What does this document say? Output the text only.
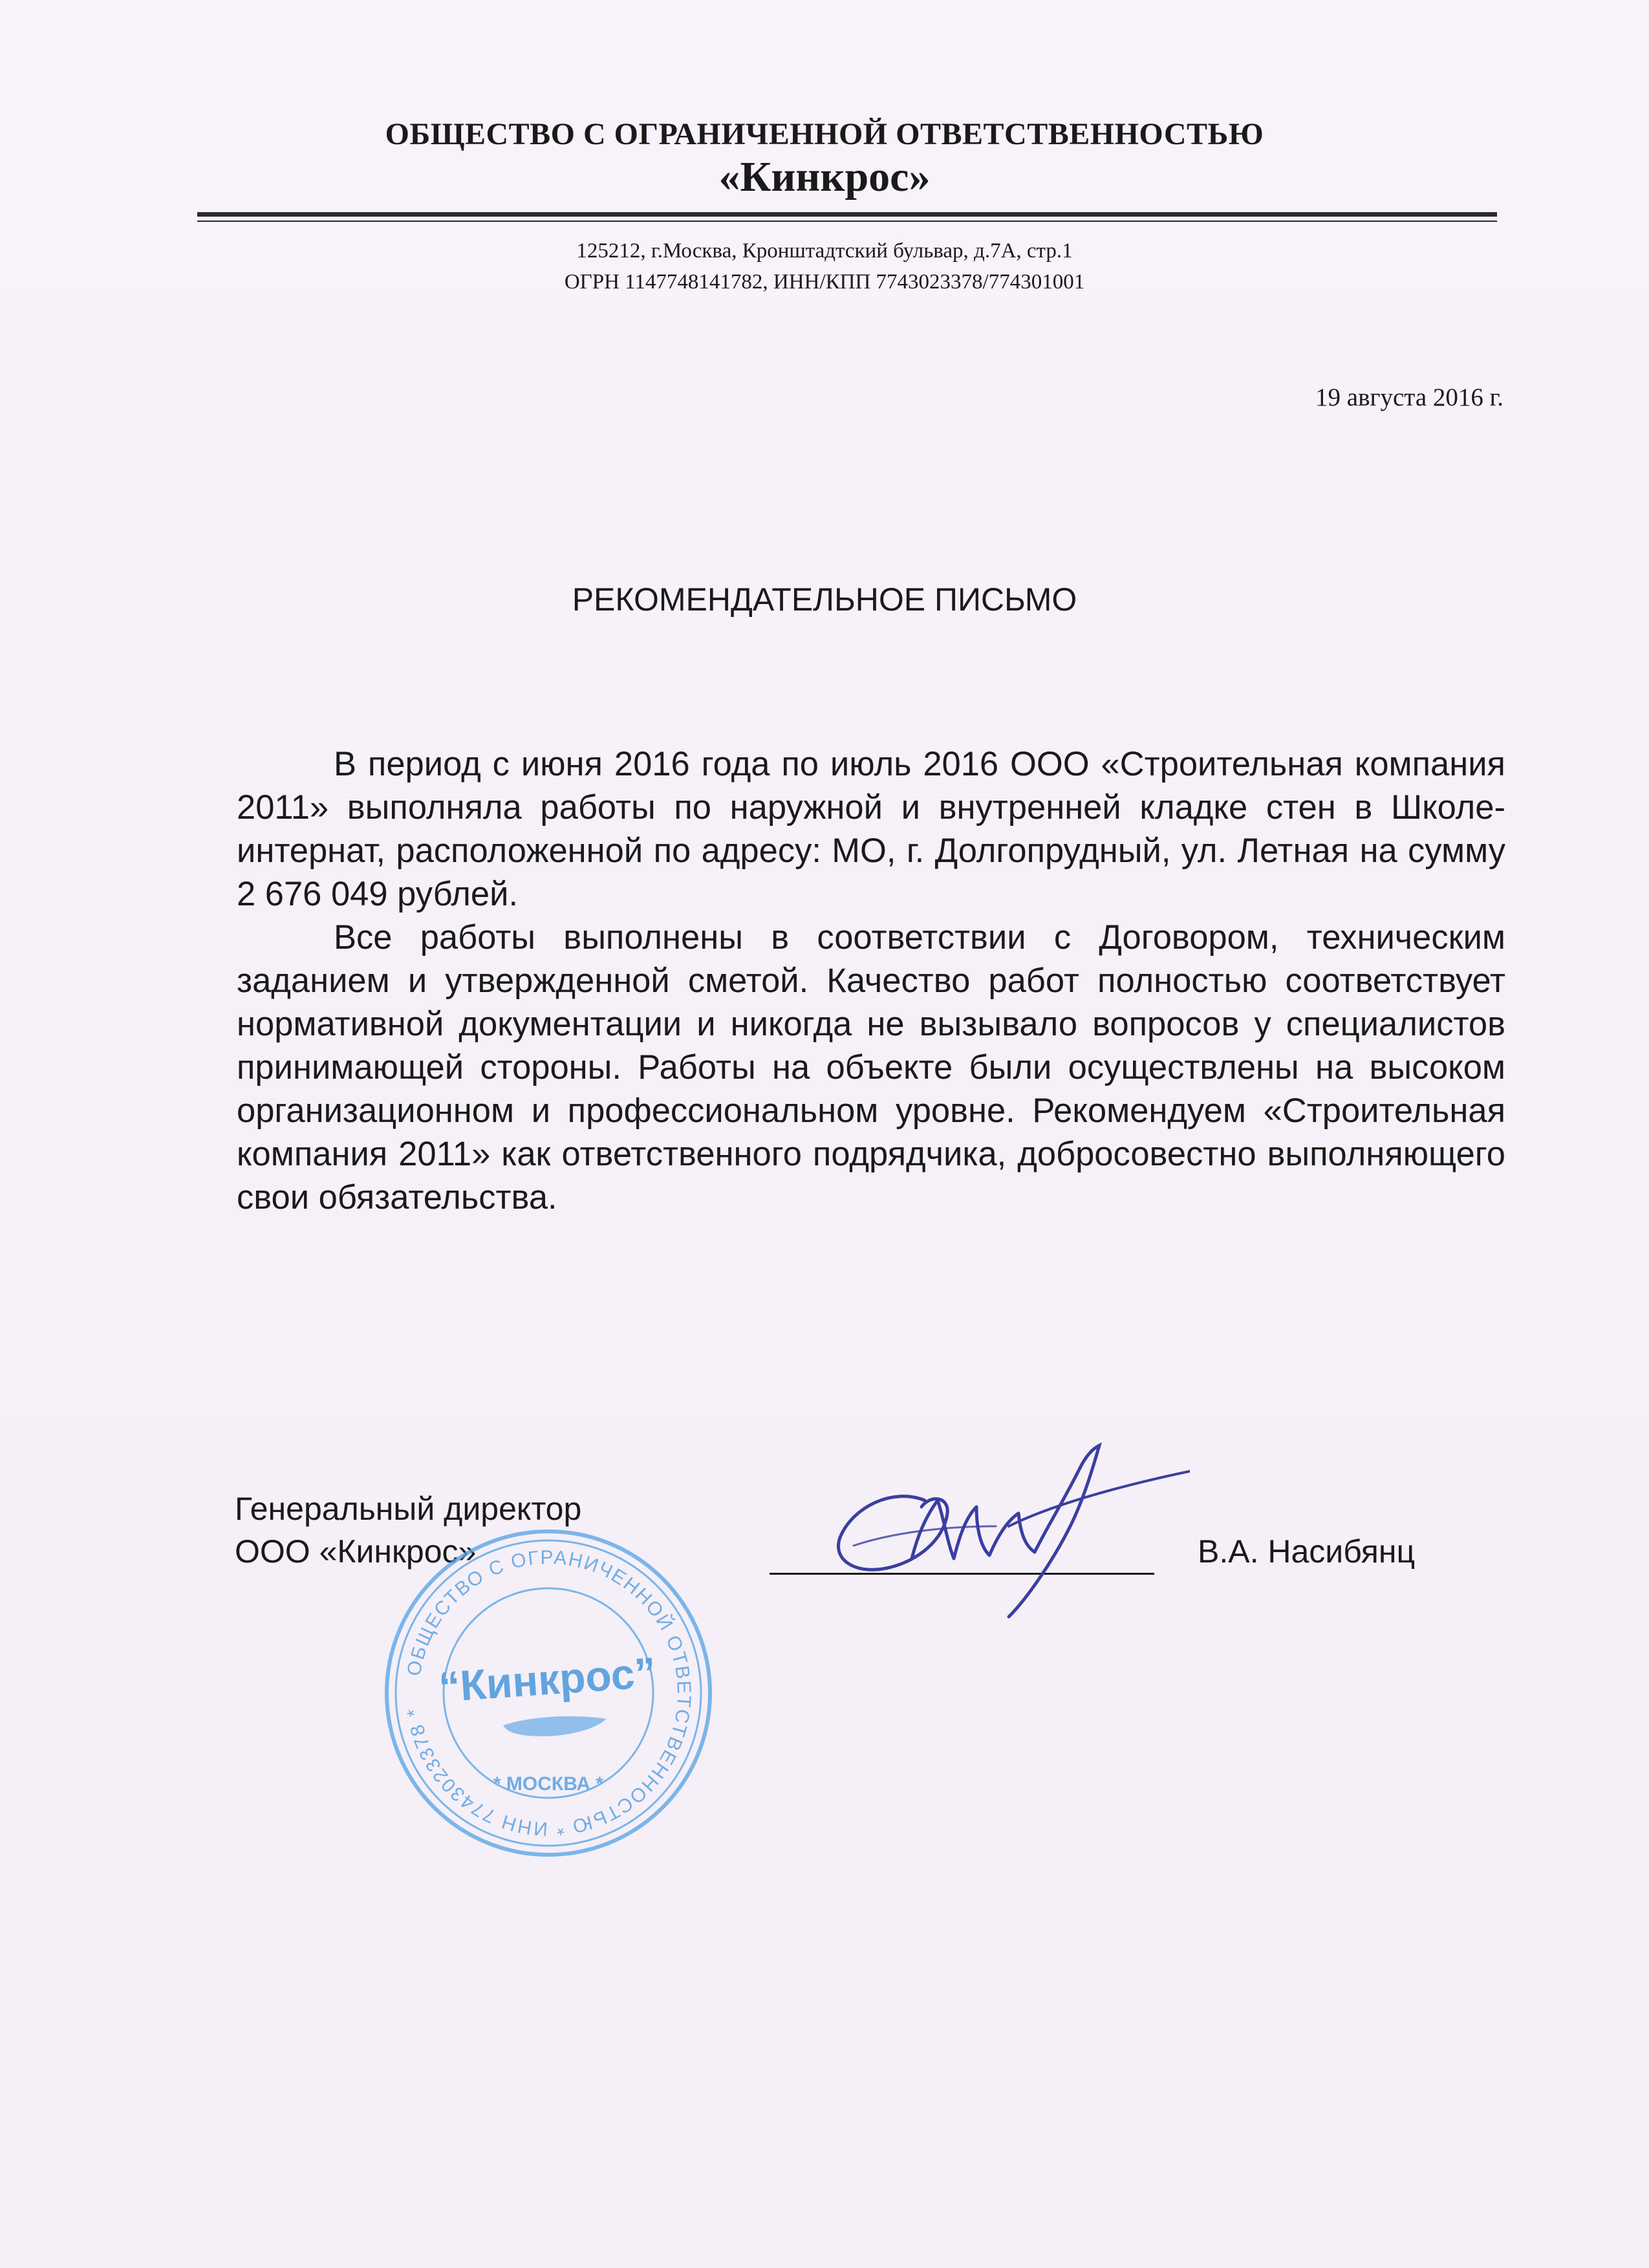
ОБЩЕСТВО С ОГРАНИЧЕННОЙ ОТВЕТСТВЕННОСТЬЮ
«Кинкрос»
125212, г.Москва, Кронштадтский бульвар, д.7А, стр.1
ОГРН 1147748141782, ИНН/КПП 7743023378/774301001
19 августа 2016 г.
РЕКОМЕНДАТЕЛЬНОЕ ПИСЬМО

В период с июня 2016 года по июль 2016 ООО «Строительная компания 2011» выполняла работы по наружной и внутренней кладке стен в Школе-интернат, расположенной по адресу: МО, г. Долгопрудный, ул. Летная на сумму 2 676 049 рублей.

Все работы выполнены в соответствии с Договором, техническим заданием и утвержденной сметой. Качество работ полностью соответствует нормативной документации и никогда не вызывало вопросов у специалистов принимающей стороны. Работы на объекте были осуществлены на высоком организационном и профессиональном уровне. Рекомендуем «Строительная компания 2011» как ответственного подрядчика, добросовестно выполняющего свои обязательства.

Генеральный директор
ООО «Кинкрос»
ОБЩЕСТВО С ОГРАНИЧЕННОЙ ОТВЕТСТВЕННОСТЬЮ * ИНН 7743023378 *
“Кинкрос”
* МОСКВА *
В.А. Насибянц
